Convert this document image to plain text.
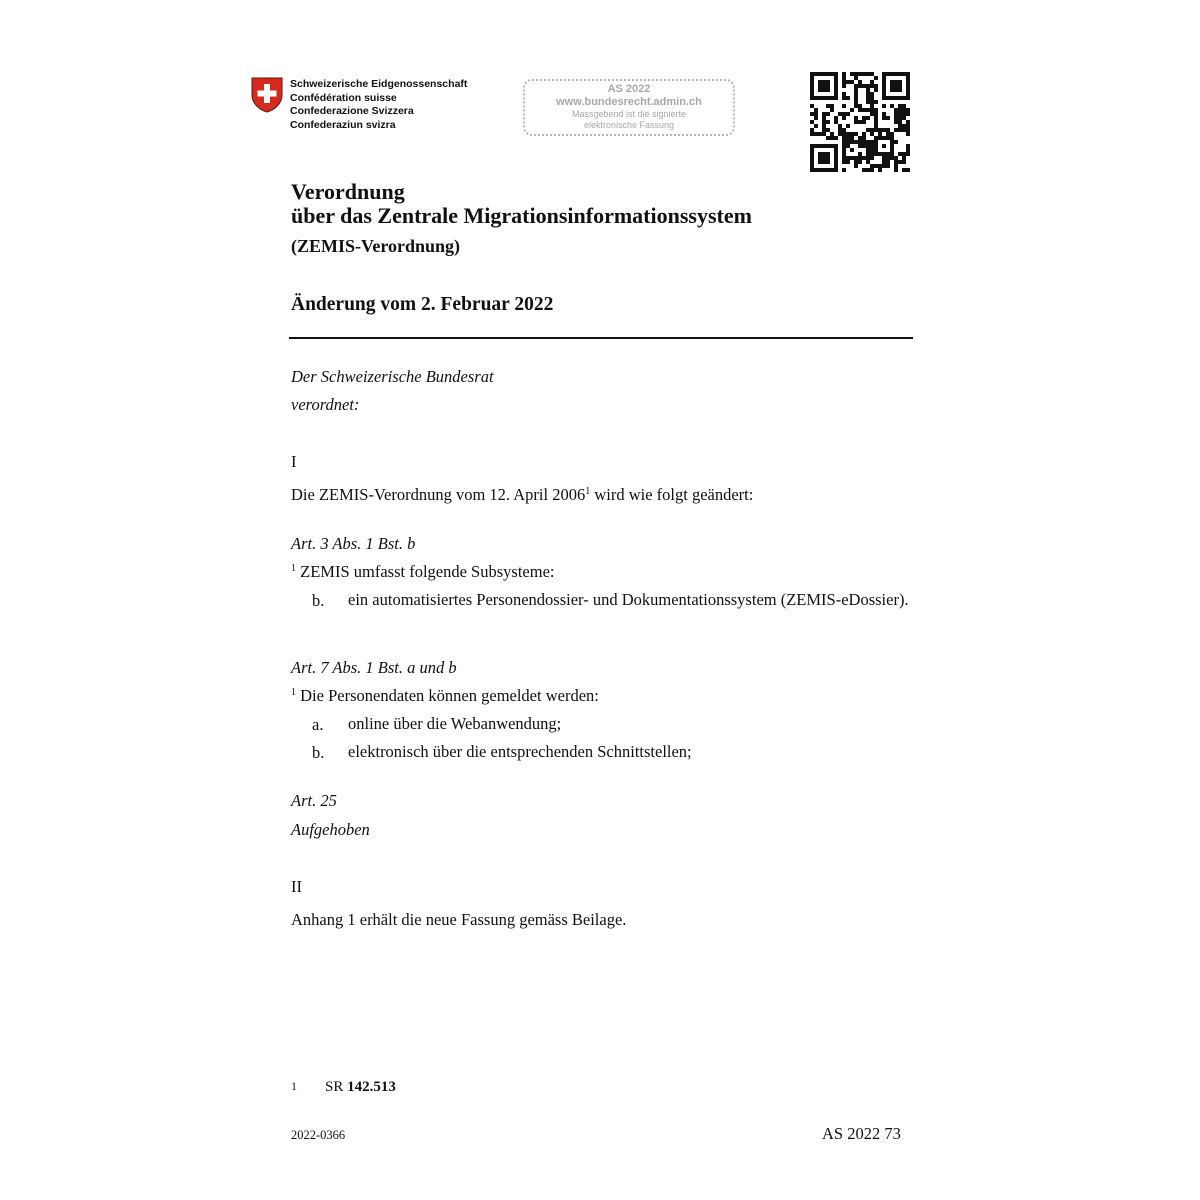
Schweizerische Eidgenossenschaft
Confédération suisse
Confederazione Svizzera
Confederaziun svizra
AS 2022
www.bundesrecht.admin.ch
Massgebend ist die signierte
elektronische Fassung
Verordnung
über das Zentrale Migrationsinformationssystem
(ZEMIS-Verordnung)
Änderung vom 2. Februar 2022
Der Schweizerische Bundesrat
verordnet:
I
Die ZEMIS-Verordnung vom 12. April 2006$^1$ wird wie folgt geändert:
Art. 3 Abs. 1 Bst. b
$^1$ ZEMIS umfasst folgende Subsysteme:
b. ein automatisiertes Personendossier- und Dokumentationssystem (ZEMIS-eDossier).
Art. 7 Abs. 1 Bst. a und b
$^1$ Die Personendaten können gemeldet werden:
a. online über die Webanwendung;
b. elektronisch über die entsprechenden Schnittstellen;
Art. 25
Aufgehoben
II
Anhang 1 erhält die neue Fassung gemäss Beilage.
1 SR 142.513
2022-0366	AS 2022 73
